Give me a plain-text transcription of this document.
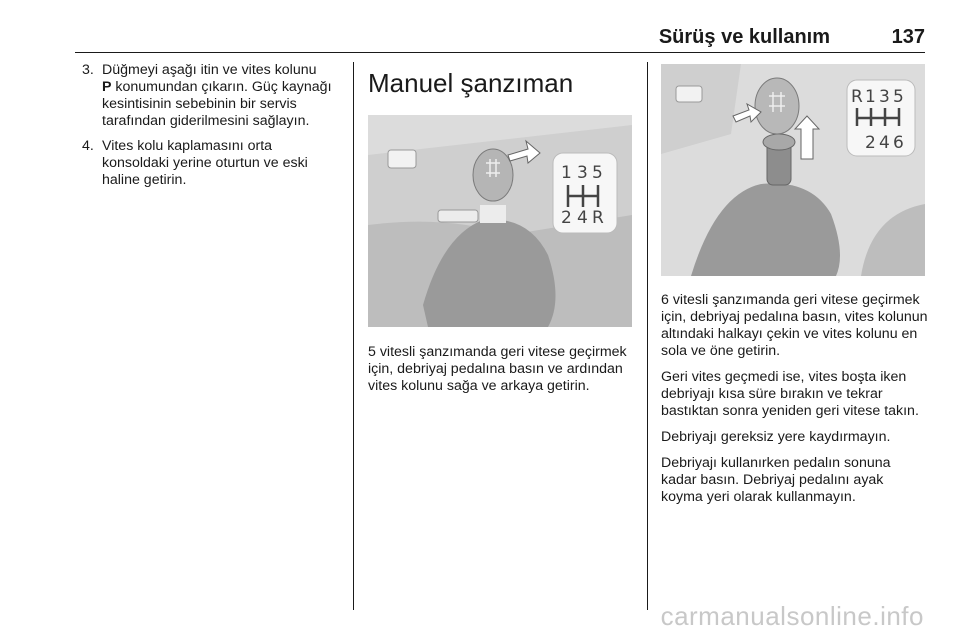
Sürüş ve kullanım	137
3. Düğmeyi aşağı itin ve vites kolunu
P konumundan çıkarın. Güç kaynağı kesintisinin sebebinin bir servis tarafından giderilmesini sağlayın.
4. Vites kolu kaplamasını orta konsoldaki yerine oturtun ve eski haline getirin.
Manuel şanzıman
1 3 5
2 4 R
R 1 3 5
2 4 6

5 vitesli şanzımanda geri vitese geçirmek için, debriyaj pedalına basın ve ardından vites kolunu sağa ve arkaya getirin.

6 vitesli şanzımanda geri vitese geçirmek için, debriyaj pedalına basın, vites kolunun altındaki halkayı çekin ve vites kolunu en sola ve öne getirin.

Geri vites geçmedi ise, vites boşta iken debriyajı kısa süre bırakın ve tekrar bastıktan sonra yeniden geri vitese takın.

Debriyajı gereksiz yere kaydırmayın.

Debriyajı kullanırken pedalın sonuna kadar basın. Debriyaj pedalını ayak koyma yeri olarak kullanmayın.

carmanualsonline.info
